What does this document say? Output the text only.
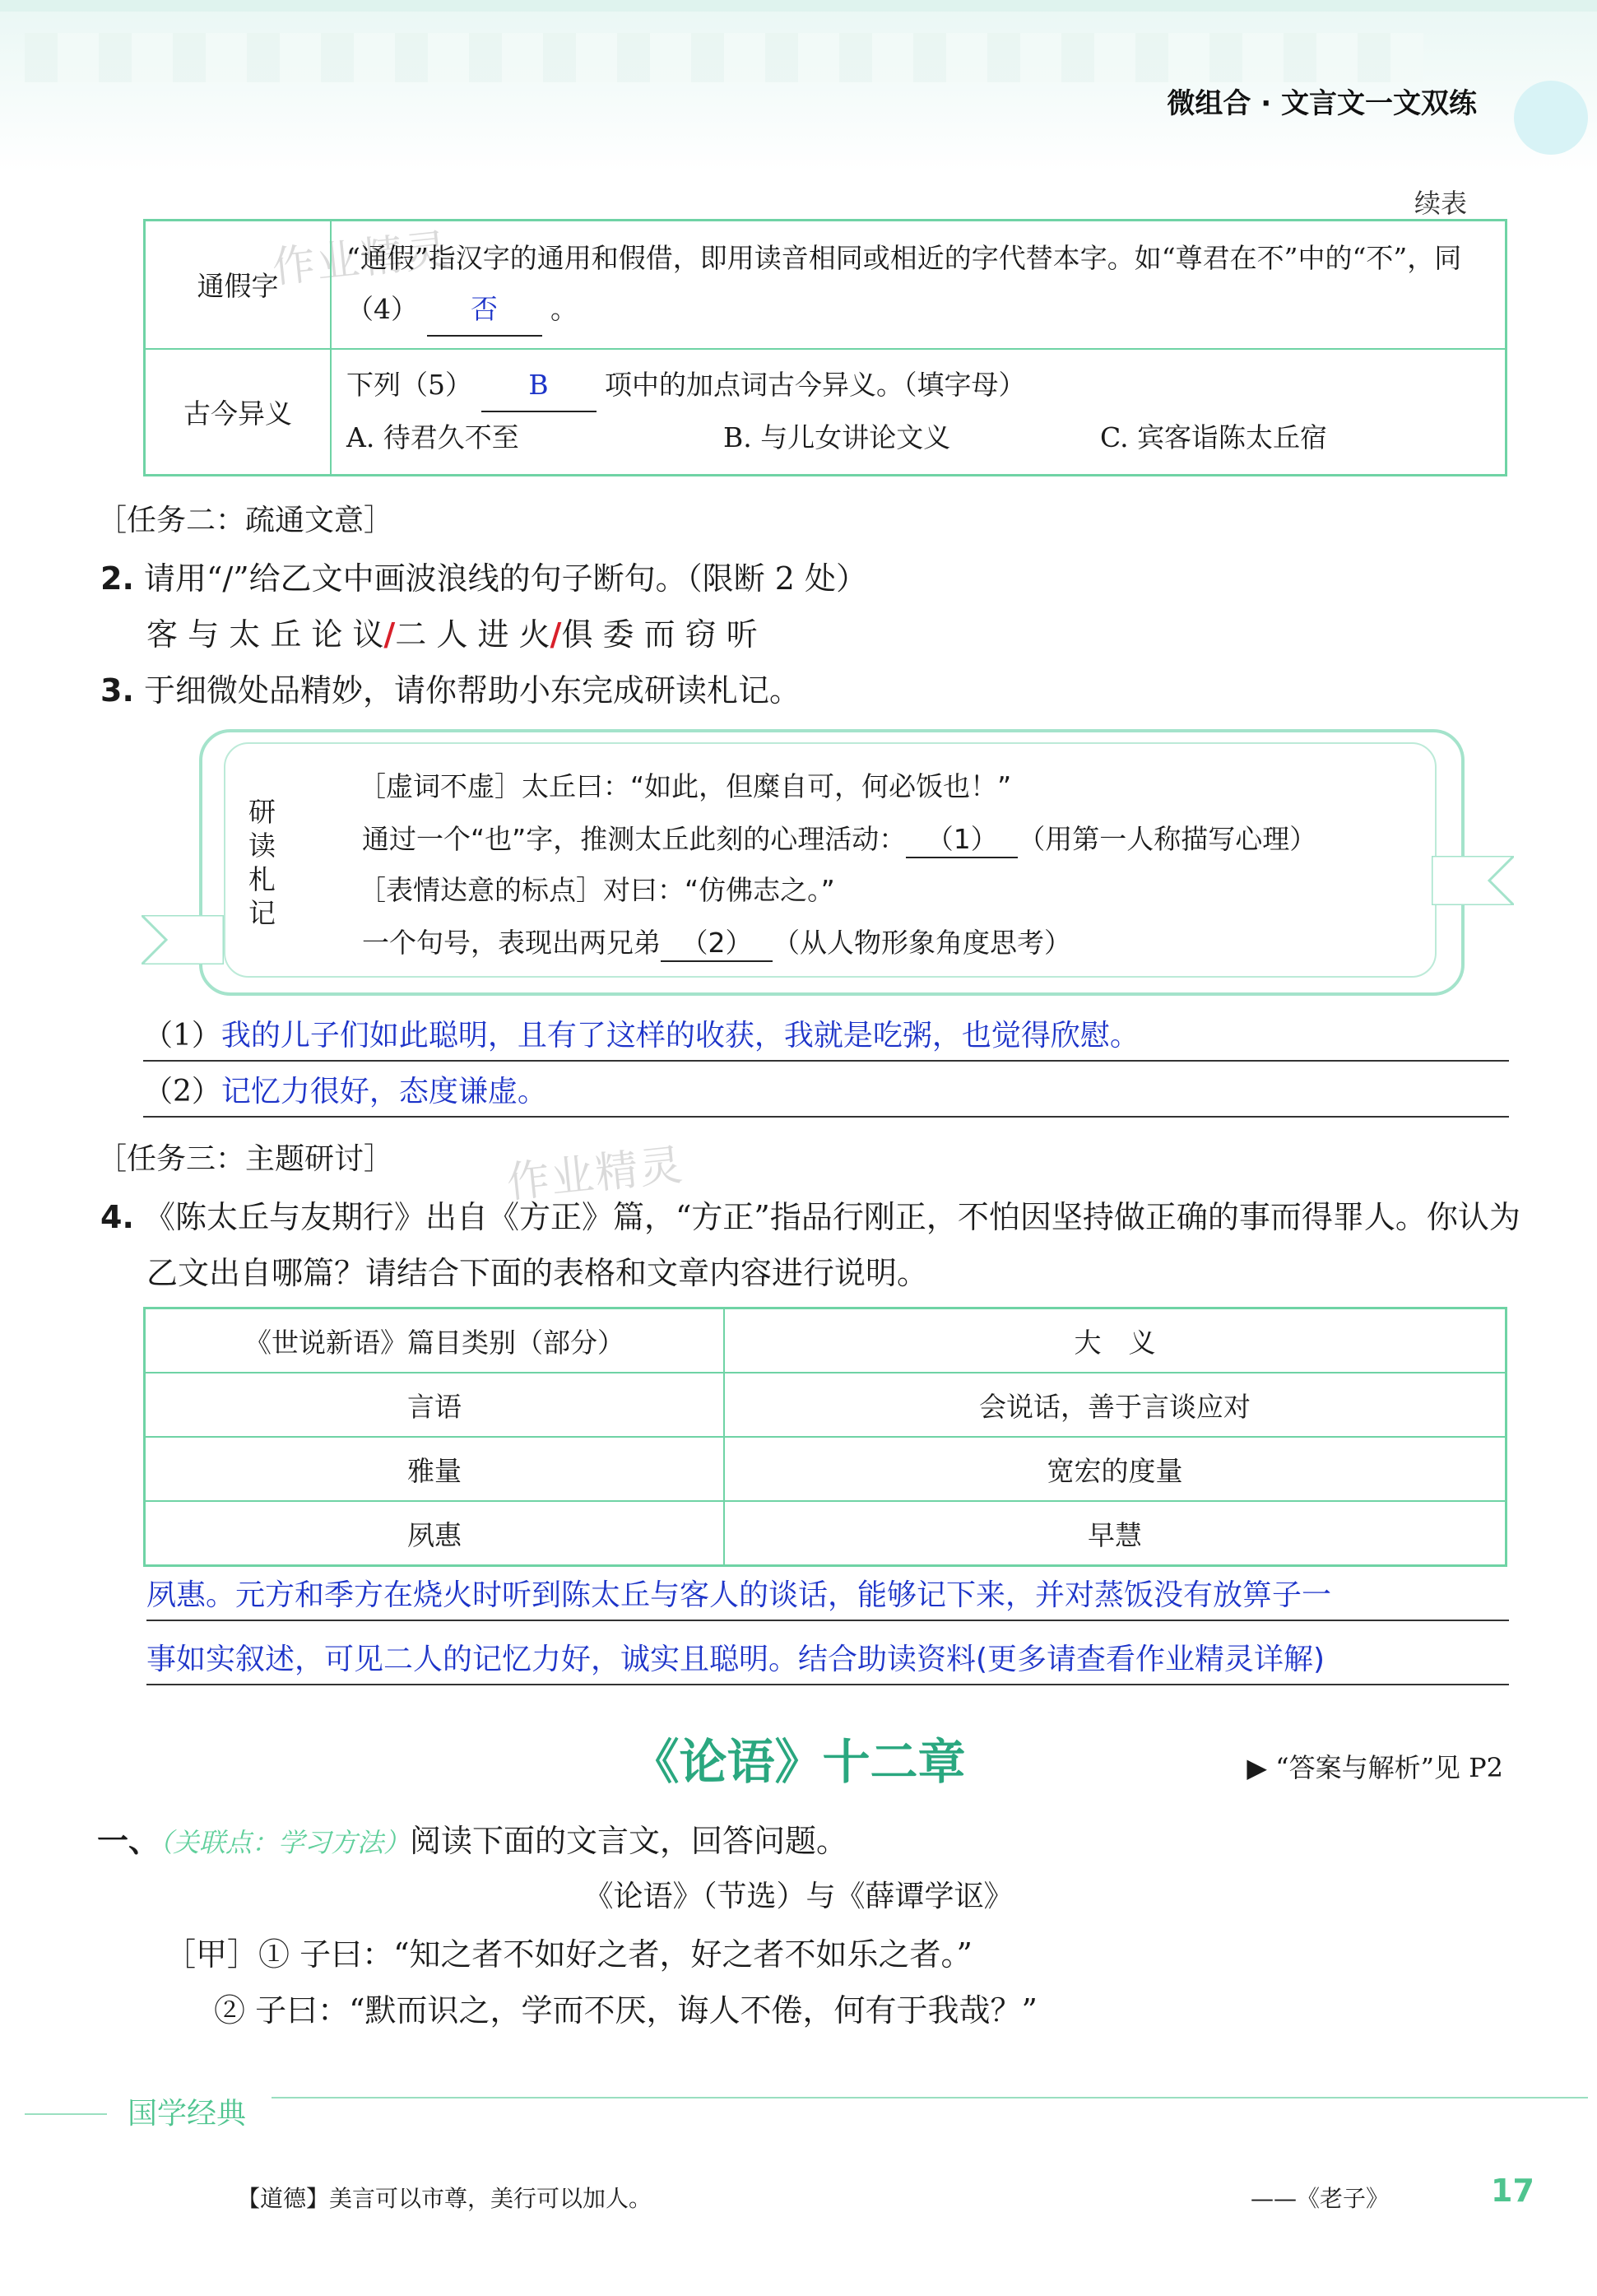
微组合 · 文言文一文双练
续表
作业精灵
作业精灵
通假字	“通假”指汉字的通用和假借，即用读音相同或相近的字代替本字。如“尊君在不”中的“不”，同
（4） 否 。

古今异义	下列（5） B 项中的加点词古今异义。（填字母）
A. 待君久不至 B. 与儿女讲论文义 C. 宾客诣陈太丘宿
［任务二：疏通文意］
2. 请用“/”给乙文中画波浪线的句子断句。（限断 2 处）
客 与 太 丘 论 议/二 人 进 火/俱 委 而 窃 听
3. 于细微处品精妙，请你帮助小东完成研读札记。
研
读
札
记
［虚词不虚］太丘曰：“如此，但糜自可，何必饭也！”
通过一个“也”字，推测太丘此刻的心理活动： （1） （用第一人称描写心理）
［表情达意的标点］对曰：“仿佛志之。”
一个句号，表现出两兄弟 （2） （从人物形象角度思考）
（1）我的儿子们如此聪明，且有了这样的收获，我就是吃粥，也觉得欣慰。
（2）记忆力很好，态度谦虚。
［任务三：主题研讨］
4. 《陈太丘与友期行》出自《方正》篇，“方正”指品行刚正，不怕因坚持做正确的事而得罪人。你认为
乙文出自哪篇？请结合下面的表格和文章内容进行说明。
《世说新语》篇目类别（部分）	大　义
言语	会说话，善于言谈应对
雅量	宽宏的度量
夙惠	早慧
夙惠。元方和季方在烧火时听到陈太丘与客人的谈话，能够记下来，并对蒸饭没有放箅子一
事如实叙述，可见二人的记忆力好，诚实且聪明。结合助读资料(更多请查看作业精灵详解)
《论语》十二章	▶ “答案与解析”见 P2
一、（关联点：学习方法）阅读下面的文言文，回答问题。
《论语》（节选）与《薛谭学讴》
［甲］① 子曰：“知之者不如好之者，好之者不如乐之者。”
② 子曰：“默而识之，学而不厌，诲人不倦，何有于我哉？”
国学经典
【道德】美言可以市尊，美行可以加人。	——《老子》	17
